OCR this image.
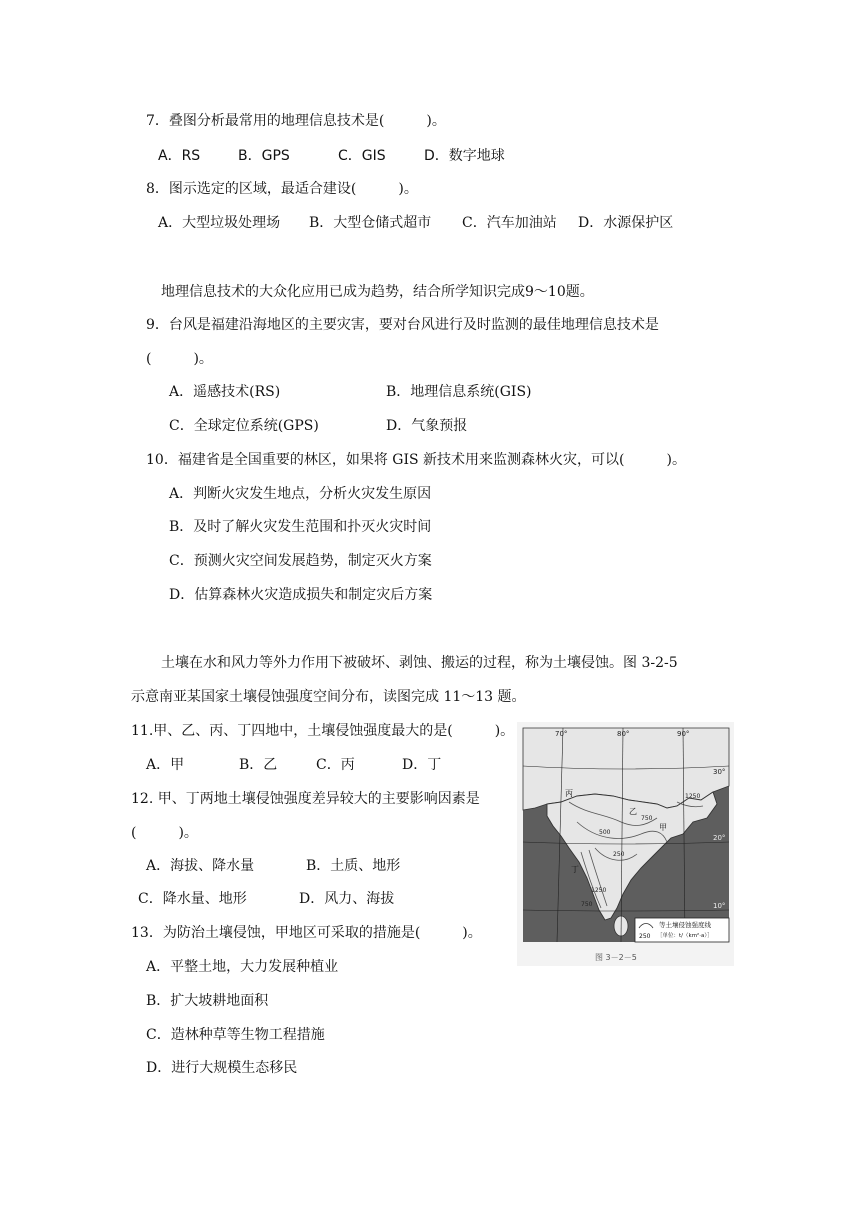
7．叠图分析最常用的地理信息技术是(　　　)。
A．RS	B．GPS	C．GIS	D．数字地球
8．图示选定的区域，最适合建设(　　　)。
A．大型垃圾处理场 B．大型仓储式超市 C．汽车加油站 D．水源保护区
地理信息技术的大众化应用已成为趋势，结合所学知识完成9～10题。
9．台风是福建沿海地区的主要灾害，要对台风进行及时监测的最佳地理信息技术是
(　　　)。
A．遥感技术(RS)	B．地理信息系统(GIS)
C．全球定位系统(GPS)	D．气象预报
10．福建省是全国重要的林区，如果将 GIS 新技术用来监测森林火灾，可以(　　　)。
A．判断火灾发生地点，分析火灾发生原因
B．及时了解火灾发生范围和扑灭火灾时间
C．预测火灾空间发展趋势，制定灭火方案
D．估算森林火灾造成损失和制定灾后方案
土壤在水和风力等外力作用下被破坏、剥蚀、搬运的过程，称为土壤侵蚀。图 3-2-5
示意南亚某国家土壤侵蚀强度空间分布，读图完成 11～13 题。
11.甲、乙、丙、丁四地中，土壤侵蚀强度最大的是(　　　)。
A．甲	B．乙	C．丙	D．丁
12. 甲、丁两地土壤侵蚀强度差异较大的主要影响因素是
(　　　)。
A．海拔、降水量	B．土质、地形
C．降水量、地形	D．风力、海拔
13．为防治土壤侵蚀，甲地区可采取的措施是(　　　)。
A．平整土地，大力发展种植业
B．扩大坡耕地面积
C．造林种草等生物工程措施
D．进行大规模生态移民
70°	80°	90°
30°
20°
10°
丙
乙
甲
丁
1250
750
500
250
1250
750
250
等土壤侵蚀强度线
［单位：t/（km²·a）］
图 3－2－5
